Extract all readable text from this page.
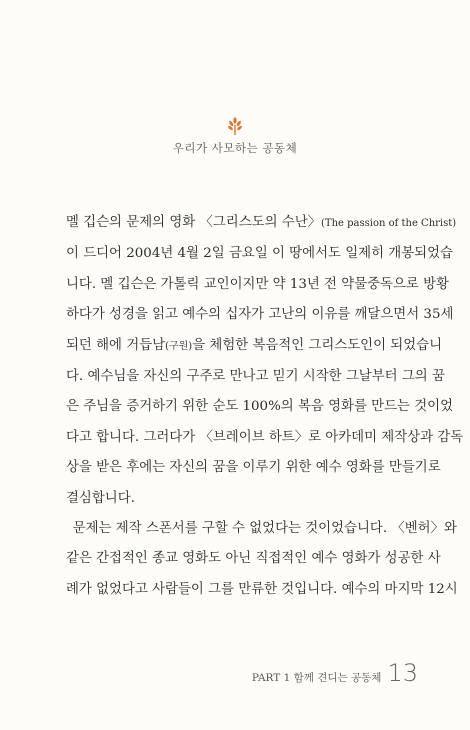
우리가 사모하는 공동체

멜 깁슨의 문제의 영화 〈그리스도의 수난〉(The passion of the Christ)
이 드디어 2004년 4월 2일 금요일 이 땅에서도 일제히 개봉되었습
니다. 멜 깁슨은 가톨릭 교인이지만 약 13년 전 약물중독으로 방황
하다가 성경을 읽고 예수의 십자가 고난의 이유를 깨달으면서 35세
되던 해에 거듭남(구원)을 체험한 복음적인 그리스도인이 되었습니
다. 예수님을 자신의 구주로 만나고 믿기 시작한 그날부터 그의 꿈
은 주님을 증거하기 위한 순도 100%의 복음 영화를 만드는 것이었
다고 합니다. 그러다가 〈브레이브 하트〉로 아카데미 제작상과 감독
상을 받은 후에는 자신의 꿈을 이루기 위한 예수 영화를 만들기로
결심합니다.

 문제는 제작 스폰서를 구할 수 없었다는 것이었습니다. 〈벤허〉와
같은 간접적인 종교 영화도 아닌 직접적인 예수 영화가 성공한 사
례가 없었다고 사람들이 그를 만류한 것입니다. 예수의 마지막 12시

PART 1 함께 견디는 공동체 13
